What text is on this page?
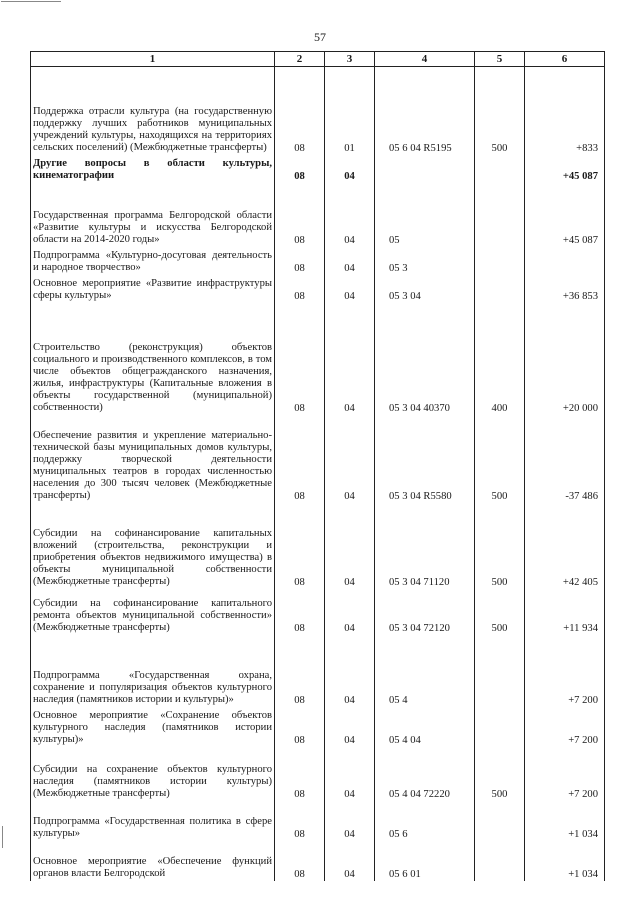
57
1	2	3	4	5	6
Поддержка отрасли культура (на государственную поддержку лучших работников муниципальных учреждений культуры, находящихся на территориях сельских поселений) (Межбюджетные трансферты)	08	01	05 6 04 R5195	500	+833
Другие вопросы в области культуры, кинематографии	08	04			+45 087
Государственная программа Белгородской области «Развитие культуры и искусства Белгородской области на 2014-2020 годы»	08	04	05		+45 087
Подпрограмма «Культурно-досуговая деятельность и народное творчество»	08	04	05 3		
Основное мероприятие «Развитие инфраструктуры сферы культуры»	08	04	05 3 04		+36 853
Строительство (реконструкция) объектов социального и производственного комплексов, в том числе объектов общегражданского назначения, жилья, инфраструктуры (Капитальные вложения в объекты государственной (муниципальной) собственности)	08	04	05 3 04 40370	400	+20 000
Обеспечение развития и укрепление материально-технической базы муниципальных домов культуры, поддержку творческой деятельности муниципальных театров в городах численностью населения до 300 тысяч человек (Межбюджетные трансферты)	08	04	05 3 04 R5580	500	-37 486
Субсидии на софинансирование капитальных вложений (строительства, реконструкции и приобретения объектов недвижимого имущества) в объекты муниципальной собственности (Межбюджетные трансферты)	08	04	05 3 04 71120	500	+42 405
Субсидии на софинансирование капитального ремонта объектов муниципальной собственности» (Межбюджетные трансферты)	08	04	05 3 04 72120	500	+11 934
Подпрограмма «Государственная охрана, сохранение и популяризация объектов культурного наследия (памятников истории и культуры)»	08	04	05 4		+7 200
Основное мероприятие «Сохранение объектов культурного наследия (памятников истории культуры)»	08	04	05 4 04		+7 200
Субсидии на сохранение объектов культурного наследия (памятников истории культуры) (Межбюджетные трансферты)	08	04	05 4 04 72220	500	+7 200
Подпрограмма «Государственная политика в сфере культуры»	08	04	05 6		+1 034
Основное мероприятие «Обеспечение функций органов власти Белгородской	08	04	05 6 01		+1 034
